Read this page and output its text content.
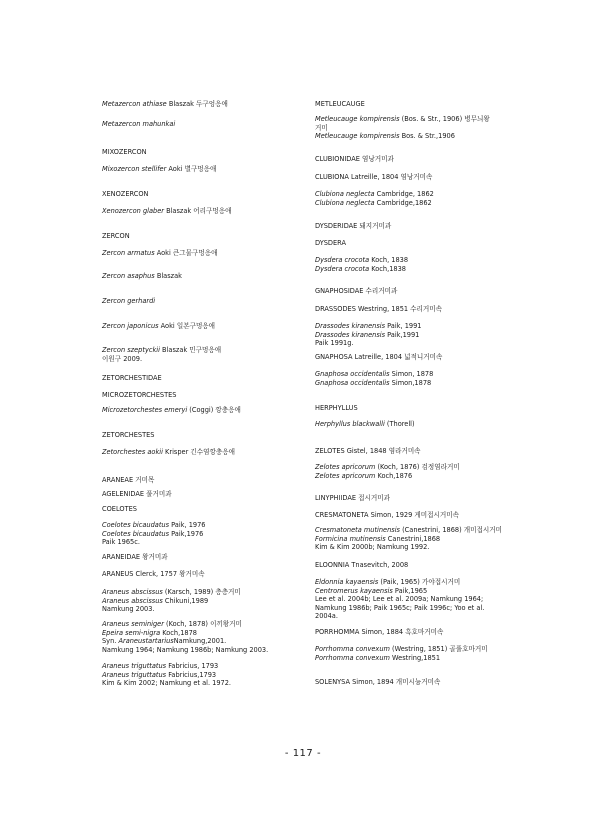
Metazercon athiase Blaszak 두구엉응애
Metazercon mahunkai
MIXOZERCON
Mixozercon stellifer Aoki 별구멍응애
XENOZERCON
Xenozercon glaber Blaszak 어리구멍응애
ZERCON
Zercon armatus Aoki 큰그물구멍응애
Zercon asaphus Blaszak
Zercon gerhardi
Zercon japonicus Aoki 일본구멍응애
Zercon szeptyckii Blaszak 민구멍응애
이원구 2009.
ZETORCHESTIDAE
MICROZETORCHESTES
Microzetorchestes emeryi (Coggi) 깡충응애
ZETORCHESTES
Zetorchestes aokii Krisper 긴수염깡충응애
ARANEAE 거미목
AGELENIDAE 풀거미과
COELOTES
Coelotes bicaudatus Paik, 1976
Coelotes bicaudatus Paik,1976
Paik 1965c.
ARANEIDAE 왕거미과
ARANEUS Clerck, 1757 왕거미속
Araneus abscissus (Karsch, 1989) 층층거미
Araneus abscissus Chikuni,1989
Namkung 2003.
Araneus seminiger (Koch, 1878) 이끼왕거미
Epeira semi-nigra Koch,1878
Syn. AraneustartariusNamkung,2001.
Namkung 1964; Namkung 1986b; Namkung 2003.
Araneus triguttatus Fabricius, 1793
Araneus triguttatus Fabricius,1793
Kim & Kim 2002; Namkung et al. 1972.
METLEUCAUGE
Metleucauge kompirensis (Bos. & Str., 1906) 병무늬왕
거미
Metleucauge kompirensis Bos. & Str.,1906
CLUBIONIDAE 염낭거미과
CLUBIONA Latreille, 1804 염낭거미속
Clubiona neglecta Cambridge, 1862
Clubiona neglecta Cambridge,1862
DYSDERIDAE 돼지거미과
DYSDERA
Dysdera crocota Koch, 1838
Dysdera crocota Koch,1838
GNAPHOSIDAE 수리거미과
DRASSODES Westring, 1851 수리거미속
Drassodes kiranensis Paik, 1991
Drassodes kiranensis Paik,1991
Paik 1991g.
GNAPHOSA Latreille, 1804 넓적니거미속
Gnaphosa occidentalis Simon, 1878
Gnaphosa occidentalis Simon,1878
HERPHYLLUS
Herphyllus blackwalli (Thorell)
ZELOTES Gistel, 1848 염라거미속
Zelotes apricorum (Koch, 1876) 검정염라거미
Zelotes apricorum Koch,1876
LINYPHIIDAE 접시거미과
CRESMATONETA Simon, 1929 게미접시거미속
Cresmatoneta mutinensis (Canestrini, 1868) 개미접시거미
Formicina mutinensis Canestrini,1868
Kim & Kim 2000b; Namkung 1992.
ELOONNIA Tnasevitch, 2008
Eldonnia kayaensis (Paik, 1965) 가야접시거미
Centromerus kayaensis Paik,1965
Lee et al. 2004b; Lee et al. 2009a; Namkung 1964;
Namkung 1986b; Paik 1965c; Paik 1996c; Yoo et al.
2004a.
PORRHOMMA Simon, 1884 흑호마거미속
Porrhomma convexum (Westring, 1851) 골풀호마거미
Porrhomma convexum Westring,1851
SOLENYSA Simon, 1894 개미시늉거미속
- 117 -
